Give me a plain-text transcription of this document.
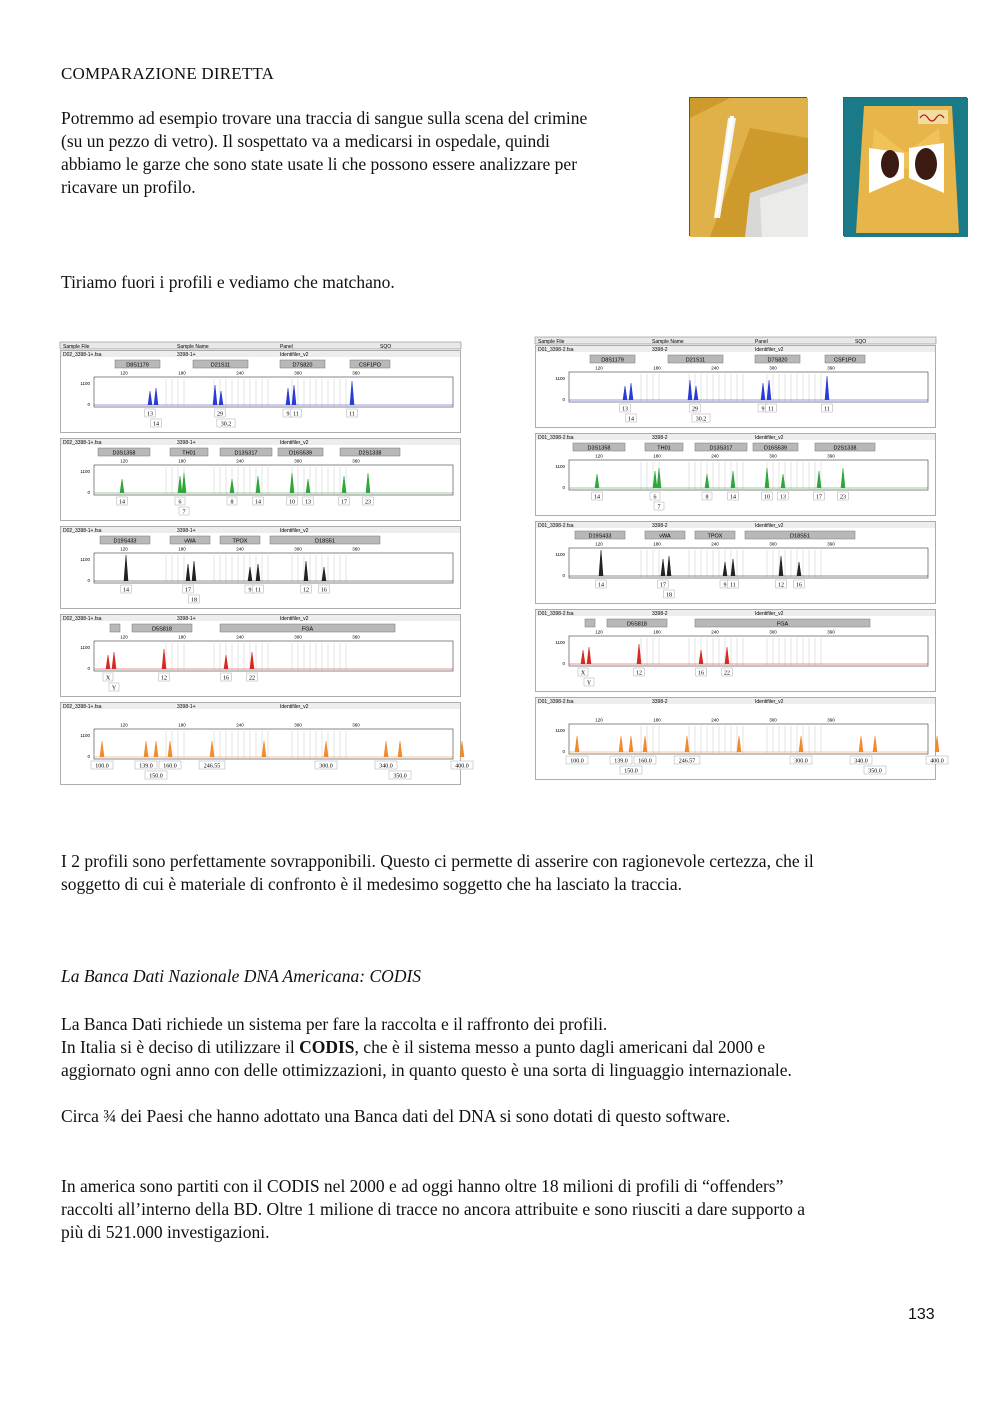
COMPARAZIONE DIRETTA

Potremmo ad esempio trovare una traccia di sangue sulla scena del crimine
(su un pezzo di vetro). Il sospettato va a medicarsi in ospedale, quindi
abbiamo le garze che sono state usate li che possono essere analizzare per
ricavare un profilo.

Tiriamo fuori i profili e vediamo che matchano.

Sample File	Sample Name	Panel	SQO
D02_3398-1+.fsa	3398-1+	Identifiler_v2
D8S1179	D21S11	D7S820	CSF1PO
120	180	240	300	360
1100
0
13	29	9 11	11
14	30.2
D02_3398-1+.fsa	3398-1+	Identifiler_v2
D3S1358	TH01	D13S317	D16S539	D2S1338
120	180	240	300	360
1100
0
14	6	8	14	10 13	17	23
7
D02_3398-1+.fsa	3398-1+	Identifiler_v2
D19S433	vWA	TPOX	D18S51
120	180	240	300	360
1100
0
14	17	9 11	12 16
18
D02_3398-1+.fsa	3398-1+	Identifiler_v2
D5S818	FGA
120	180	240	300	360
1100
0
X	12	16	22
Y
D02_3398-1+.fsa	3398-1+	Identifiler_v2
120	180	240	300	360
1100
0
100.0	139.0 160.0	246.55	300.0	340.0	400.0
150.0	350.0
Sample File	Sample Name	Panel	SQO
D01_3398-2.fsa	3398-2	Identifiler_v2
D8S1179	D21S11	D7S820	CSF1PO
120	180	240	300	360
1100
0
13	29	9 11	11
14	30.2
D01_3398-2.fsa	3398-2	Identifiler_v2
D3S1358	TH01	D13S317	D16S539	D2S1338
120	180	240	300	360
1100
0
14	6	8	14	10 13	17	23
7
D01_3398-2.fsa	3398-2	Identifiler_v2
D19S433	vWA	TPOX	D18S51
120	180	240	300	360
1100
0
14	17	9 11	12 16
18
D01_3398-2.fsa	3398-2	Identifiler_v2
D5S818	FGA
120	180	240	300	360
1100
0
X	12	16	22
Y
D01_3398-2.fsa	3398-2	Identifiler_v2
120	180	240	300	360
1100
0
100.0	139.0 160.0	246.57	300.0	340.0	400.0
150.0	350.0
I 2 profili sono perfettamente sovrapponibili. Questo ci permette di asserire con ragionevole certezza, che il
soggetto di cui è materiale di confronto è il medesimo soggetto che ha lasciato la traccia.

La Banca Dati Nazionale DNA Americana: CODIS

La Banca Dati richiede un sistema per fare la raccolta e il raffronto dei profili.
In Italia si è deciso di utilizzare il CODIS, che è il sistema messo a punto dagli americani dal 2000 e
aggiornato ogni anno con delle ottimizzazioni, in quanto questo è una sorta di linguaggio internazionale.

Circa ¾ dei Paesi che hanno adottato una Banca dati del DNA si sono dotati di questo software.

In america sono partiti con il CODIS nel 2000 e ad oggi hanno oltre 18 milioni di profili di “offenders”
raccolti all’interno della BD. Oltre 1 milione di tracce no ancora attribuite e sono riusciti a dare supporto a
più di 521.000 investigazioni.
133
